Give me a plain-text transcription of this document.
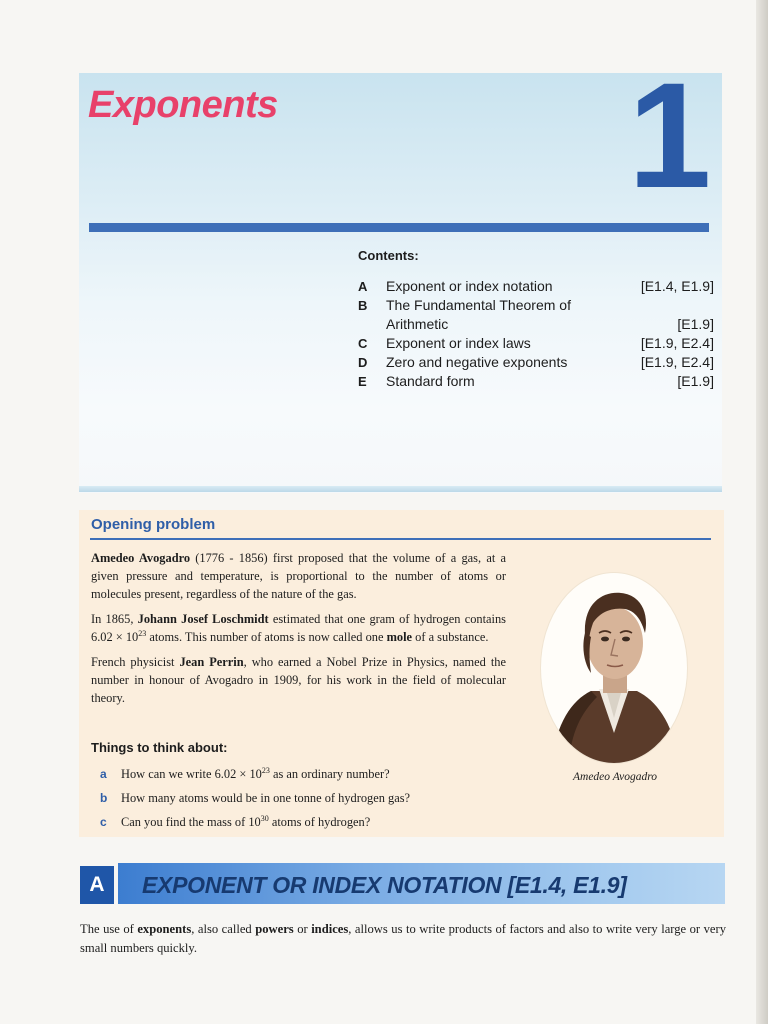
Exponents 1
Contents:
A	Exponent or index notation	[E1.4, E1.9]
B	The Fundamental Theorem of Arithmetic	[E1.9]
C	Exponent or index laws	[E1.9, E2.4]
D	Zero and negative exponents	[E1.9, E2.4]
E	Standard form	[E1.9]
Opening problem

Amedeo Avogadro (1776 - 1856) first proposed that the volume of a gas, at a given pressure and temperature, is proportional to the number of atoms or molecules present, regardless of the nature of the gas.

In 1865, Johann Josef Loschmidt estimated that one gram of hydrogen contains $6.02 \times 10^{23}$ atoms. This number of atoms is now called one mole of a substance.

French physicist Jean Perrin, who earned a Nobel Prize in Physics, named the number in honour of Avogadro in 1909, for his work in the field of molecular theory.

Things to think about:
a	How can we write $6.02 \times 10^{23}$ as an ordinary number?
b	How many atoms would be in one tonne of hydrogen gas?
c	Can you find the mass of $10^{30}$ atoms of hydrogen?
Amedeo Avogadro
A	EXPONENT OR INDEX NOTATION [E1.4, E1.9]
The use of exponents, also called powers or indices, allows us to write products of factors and also to write very large or very small numbers quickly.
